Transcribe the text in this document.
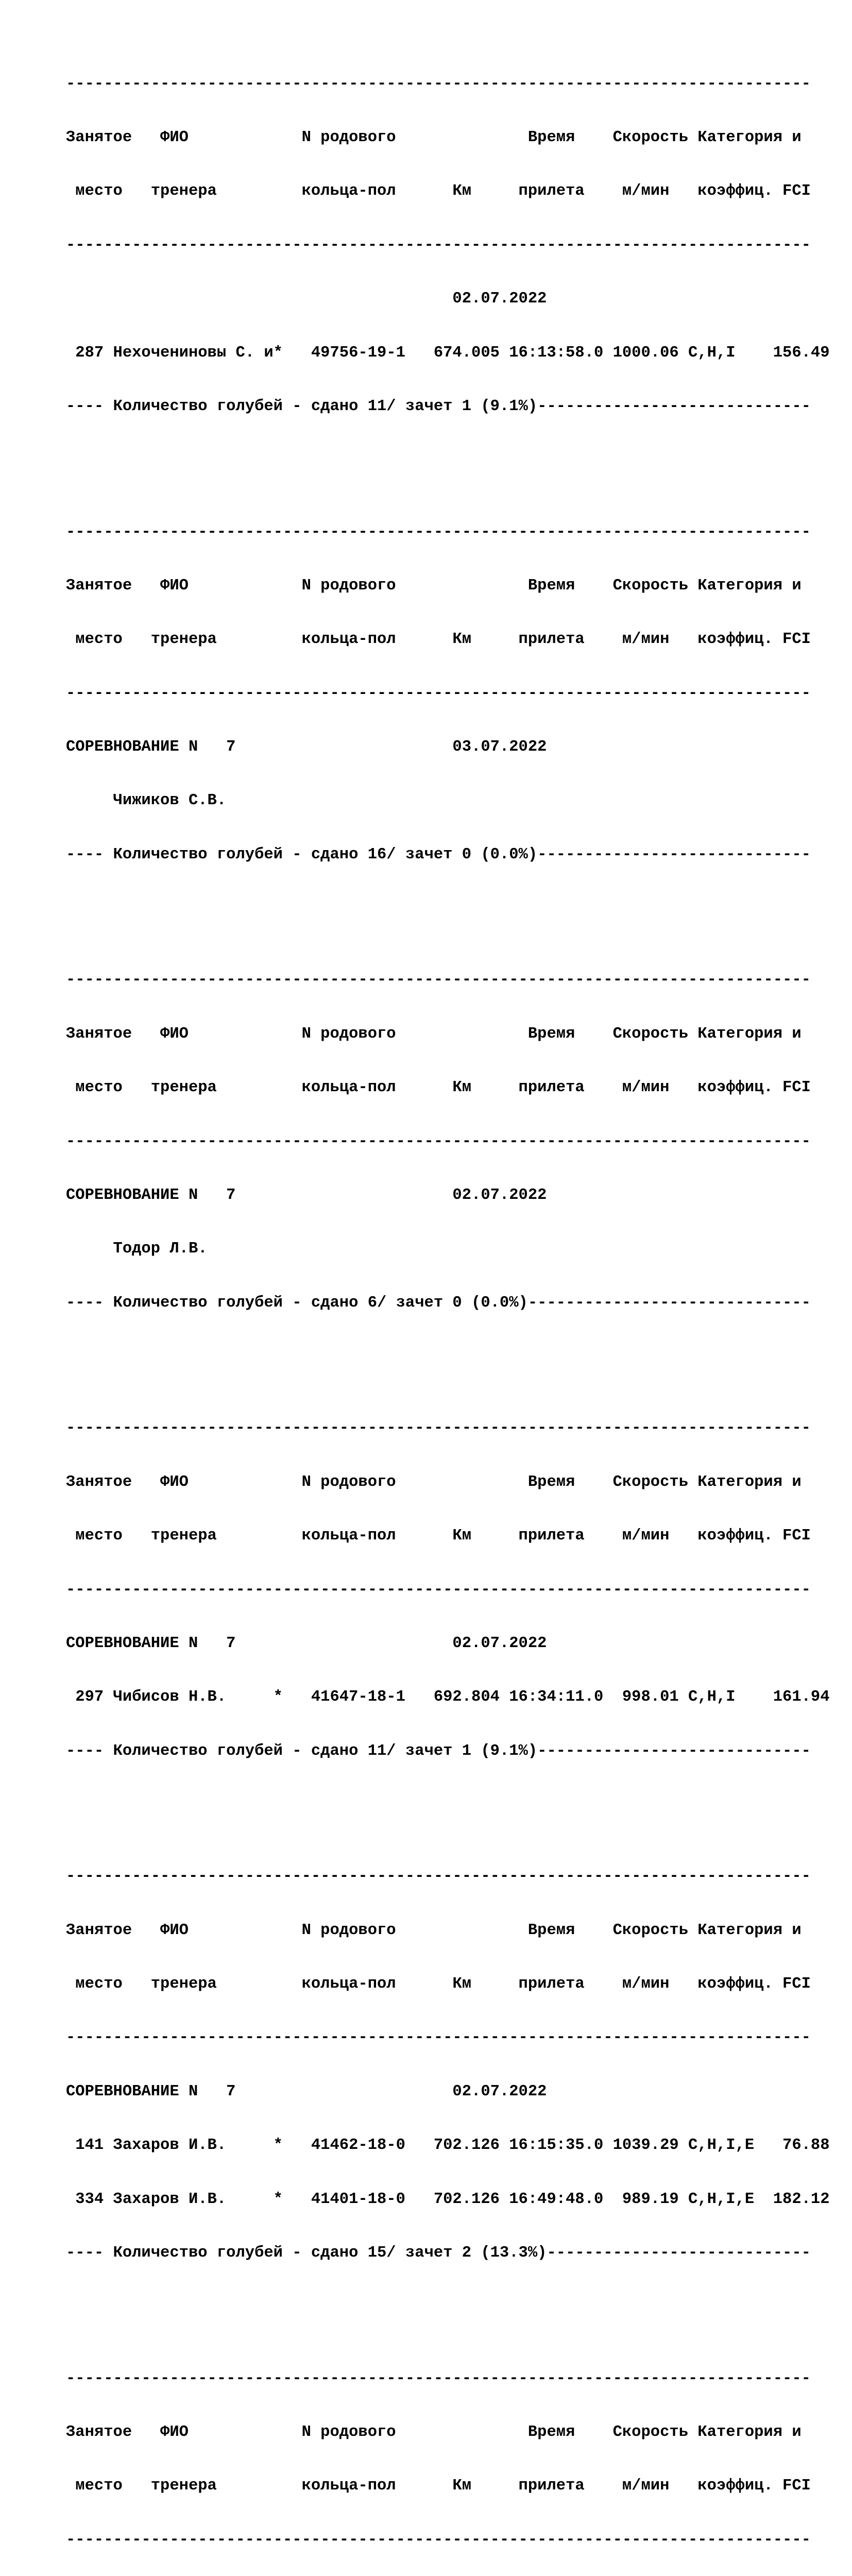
-------------------------------------------------------------------------------

Занятое   ФИО            N родового              Время    Скорость Категория и

место   тренера         кольца-пол      Км     прилета    м/мин   коэффиц. FCI

-------------------------------------------------------------------------------

02.07.2022

287 Нехочениновы С. и*   49756-19-1   674.005 16:13:58.0 1000.06 С,Н,I    156.49

---- Количество голубей - сдано 11/ зачет 1 (9.1%)-----------------------------

-------------------------------------------------------------------------------

Занятое   ФИО            N родового              Время    Скорость Категория и

место   тренера         кольца-пол      Км     прилета    м/мин   коэффиц. FCI

-------------------------------------------------------------------------------

СОРЕВНОВАНИЕ N   7                       03.07.2022

Чижиков С.В.

---- Количество голубей - сдано 16/ зачет 0 (0.0%)-----------------------------

-------------------------------------------------------------------------------

Занятое   ФИО            N родового              Время    Скорость Категория и

место   тренера         кольца-пол      Км     прилета    м/мин   коэффиц. FCI

-------------------------------------------------------------------------------

СОРЕВНОВАНИЕ N   7                       02.07.2022

Тодор Л.В.

---- Количество голубей - сдано 6/ зачет 0 (0.0%)------------------------------

-------------------------------------------------------------------------------

Занятое   ФИО            N родового              Время    Скорость Категория и

место   тренера         кольца-пол      Км     прилета    м/мин   коэффиц. FCI

-------------------------------------------------------------------------------

СОРЕВНОВАНИЕ N   7                       02.07.2022

297 Чибисов Н.В.     *   41647-18-1   692.804 16:34:11.0  998.01 С,Н,I    161.94

---- Количество голубей - сдано 11/ зачет 1 (9.1%)-----------------------------

-------------------------------------------------------------------------------

Занятое   ФИО            N родового              Время    Скорость Категория и

место   тренера         кольца-пол      Км     прилета    м/мин   коэффиц. FCI

-------------------------------------------------------------------------------

СОРЕВНОВАНИЕ N   7                       02.07.2022

141 Захаров И.В.     *   41462-18-0   702.126 16:15:35.0 1039.29 С,Н,I,Е   76.88

334 Захаров И.В.     *   41401-18-0   702.126 16:49:48.0  989.19 С,Н,I,Е  182.12

---- Количество голубей - сдано 15/ зачет 2 (13.3%)----------------------------

-------------------------------------------------------------------------------

Занятое   ФИО            N родового              Время    Скорость Категория и

место   тренера         кольца-пол      Км     прилета    м/мин   коэффиц. FCI

-------------------------------------------------------------------------------
